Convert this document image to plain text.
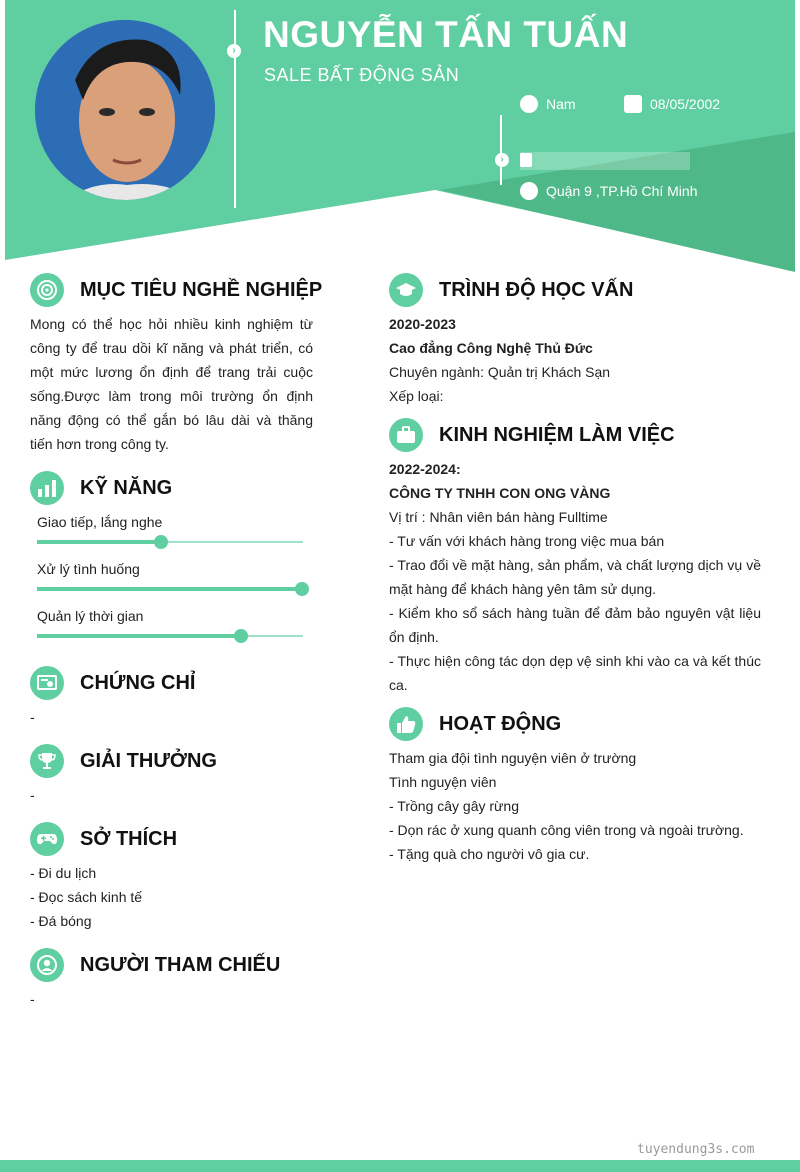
›
›
NGUYỄN TẤN TUẤN
SALE BẤT ĐỘNG SẢN
Nam	08/05/2002
Quận 9 ,TP.Hồ Chí Minh
MỤC TIÊU NGHỀ NGHIỆP
Mong có thể học hỏi nhiều kinh nghiệm từ công ty để trau dồi kĩ năng và phát triển, có một mức lương ổn định để trang trải cuộc sống.Được làm trong môi trường ổn định năng động có thể gắn bó lâu dài và thăng tiến hơn trong công ty.
KỸ NĂNG
Giao tiếp, lắng nghe
Xử lý tình huống
Quản lý thời gian
CHỨNG CHỈ
-
GIẢI THƯỞNG
-
SỞ THÍCH
- Đi du lịch
- Đọc sách kinh tế
- Đá bóng
NGƯỜI THAM CHIẾU
-
TRÌNH ĐỘ HỌC VẤN
2020-2023
Cao đẳng Công Nghệ Thủ Đức
Chuyên ngành: Quản trị Khách Sạn
Xếp loại:
KINH NGHIỆM LÀM VIỆC
2022-2024:
CÔNG TY TNHH CON ONG VÀNG
Vị trí : Nhân viên bán hàng Fulltime
- Tư vấn với khách hàng trong việc mua bán
- Trao đổi về mặt hàng, sản phẩm, và chất lượng dịch vụ về mặt hàng để khách hàng yên tâm sử dụng.
- Kiểm kho sổ sách hàng tuần để đảm bảo nguyên vật liệu ổn định.
- Thực hiện công tác dọn dẹp vệ sinh khi vào ca và kết thúc ca.
HOẠT ĐỘNG
Tham gia đội tình nguyện viên ở trường
Tình nguyện viên
- Trồng cây gây rừng
- Dọn rác ở xung quanh công viên trong và ngoài trường.
- Tặng quà cho người vô gia cư.
tuyendung3s.com
